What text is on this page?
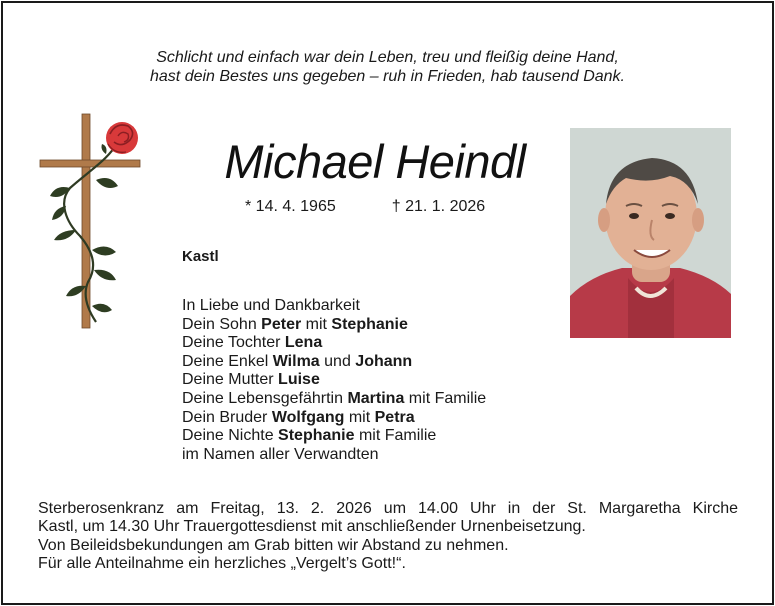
Schlicht und einfach war dein Leben, treu und fleißig deine Hand,
hast dein Bestes uns gegeben – ruh in Frieden, hab tausend Dank.
Michael Heindl
* 14. 4. 1965	† 21. 1. 2026
Kastl
In Liebe und Dankbarkeit
Dein Sohn Peter mit Stephanie
Deine Tochter Lena
Deine Enkel Wilma und Johann
Deine Mutter Luise
Deine Lebensgefährtin Martina mit Familie
Dein Bruder Wolfgang mit Petra
Deine Nichte Stephanie mit Familie
im Namen aller Verwandten
Sterberosenkranz am Freitag, 13. 2. 2026 um 14.00 Uhr in der St. Margaretha Kirche
Kastl, um 14.30 Uhr Trauergottesdienst mit anschließender Urnenbeisetzung.
Von Beileidsbekundungen am Grab bitten wir Abstand zu nehmen.
Für alle Anteilnahme ein herzliches „Vergelt’s Gott!“.
